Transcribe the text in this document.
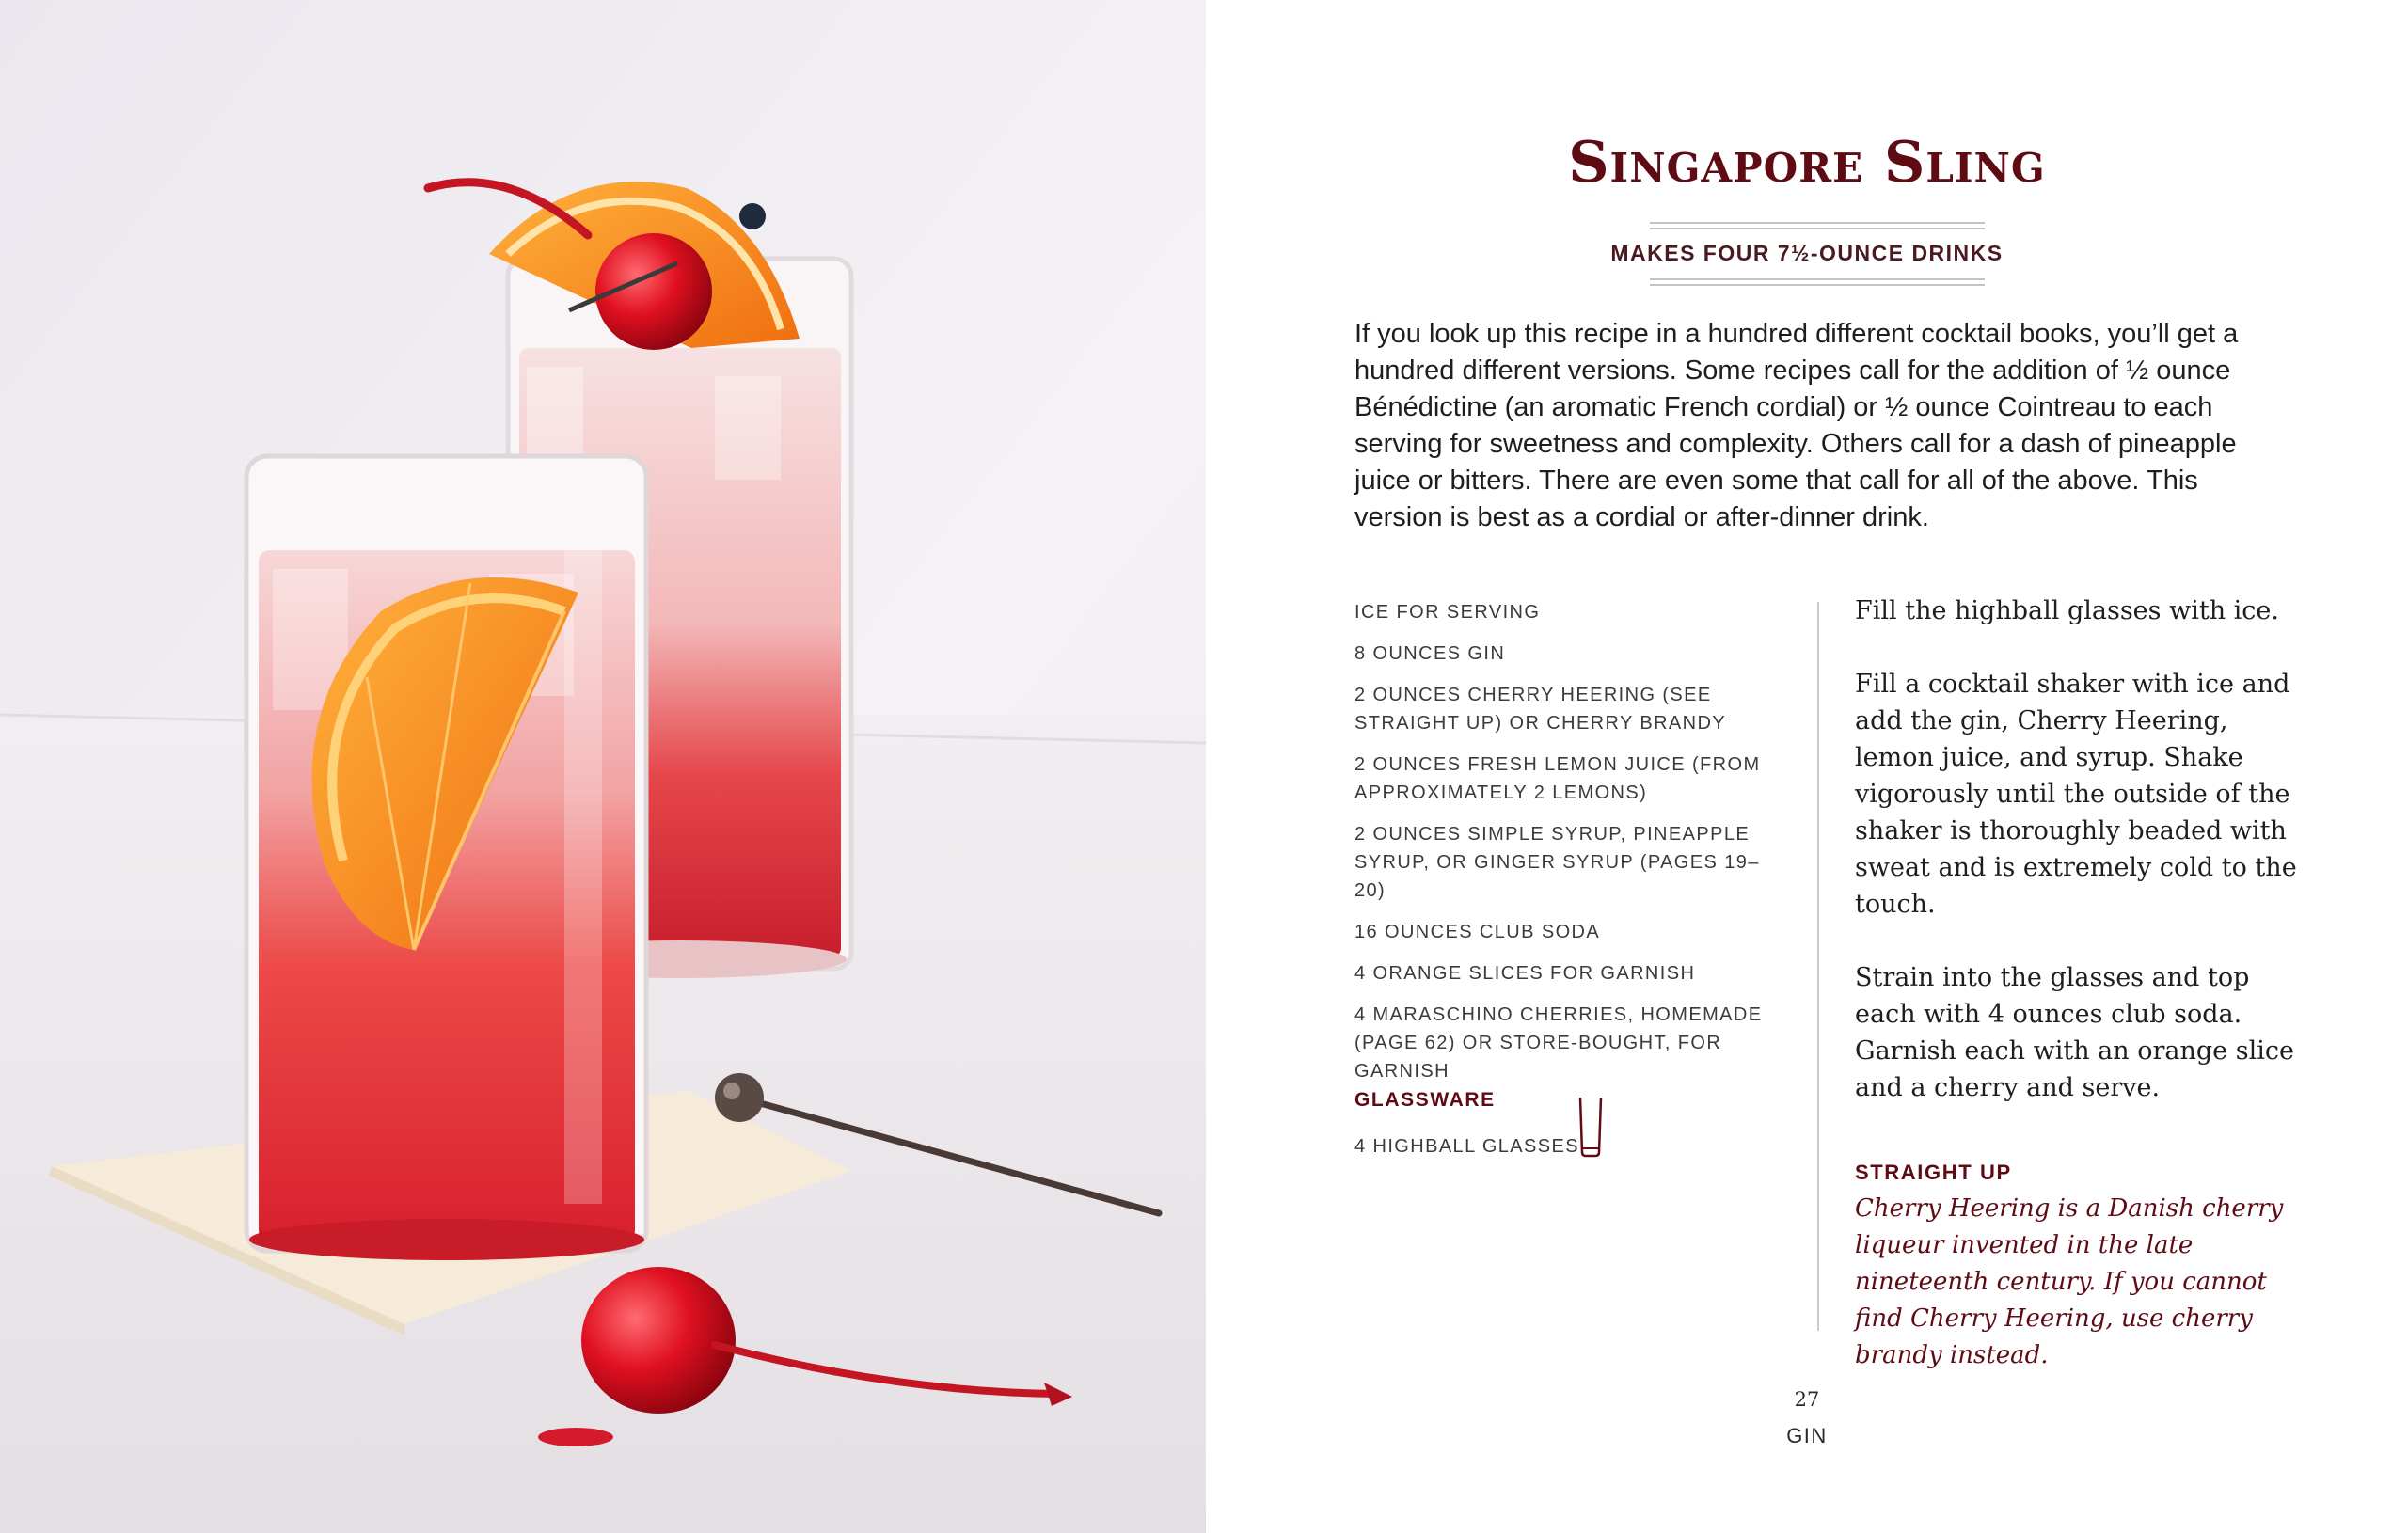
Singapore Sling
MAKES FOUR 7½-OUNCE DRINKS

If you look up this recipe in a hundred different cocktail books, you’ll get a hundred different versions. Some recipes call for the addition of ½ ounce Bénédictine (an aromatic French cordial) or ½ ounce Cointreau to each serving for sweetness and complexity. Others call for a dash of pineapple juice or bitters. There are even some that call for all of the above. This version is best as a cordial or after-dinner drink.

ICE FOR SERVING
8 OUNCES GIN
2 OUNCES CHERRY HEERING (SEE STRAIGHT UP) OR CHERRY BRANDY
2 OUNCES FRESH LEMON JUICE (FROM APPROXIMATELY 2 LEMONS)
2 OUNCES SIMPLE SYRUP, PINEAPPLE SYRUP, OR GINGER SYRUP (PAGES 19–20)
16 OUNCES CLUB SODA
4 ORANGE SLICES FOR GARNISH
4 MARASCHINO CHERRIES, HOMEMADE (PAGE 62) OR STORE-BOUGHT, FOR GARNISH
GLASSWARE
4 HIGHBALL GLASSES

Fill the highball glasses with ice.

Fill a cocktail shaker with ice and add the gin, Cherry Heering, lemon juice, and syrup. Shake vigorously until the outside of the shaker is thoroughly beaded with sweat and is extremely cold to the touch.

Strain into the glasses and top each with 4 ounces club soda. Garnish each with an orange slice and a cherry and serve.

STRAIGHT UP

Cherry Heering is a Danish cherry liqueur invented in the late nineteenth century. If you cannot find Cherry Heering, use cherry brandy instead.

27
GIN
